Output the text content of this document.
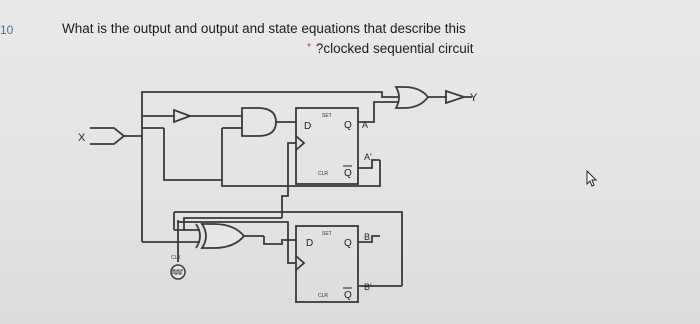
10	What is the output and output and state equations that describe this
* ?clocked sequential circuit
Y
X
CLK
D
SET
Q
CLR Q
A
A'
D
SET
Q
CLR Q
B
B'
